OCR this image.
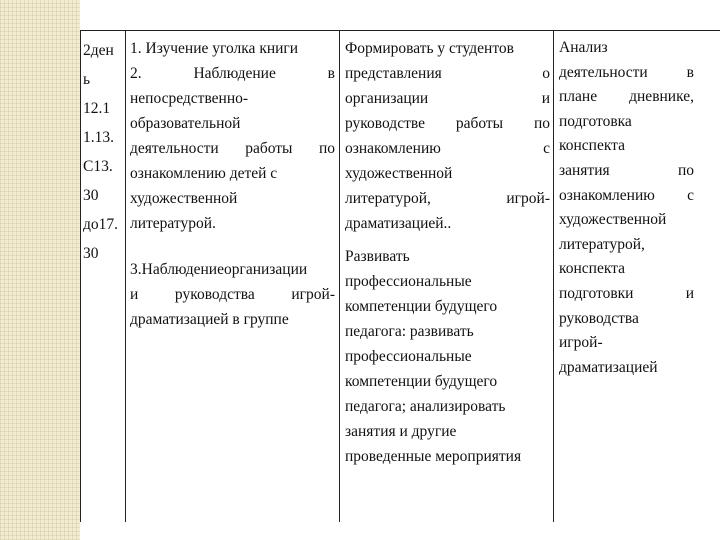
2ден

ь

12.1

1.13.

С13.

30

до17.

30

1. Изучение уголка книги

2. Наблюдение в

непосредственно-

образовательной

деятельности работы по

ознакомлению детей с

художественной

литературой.

3.Наблюдениеорганизации

и руководства игрой-

драматизацией в группе

Формировать у студентов

представления о

организации и

руководстве работы по

ознакомлению с

художественной

литературой, игрой-

драматизацией..

Развивать

профессиональные

компетенции будущего

педагога: развивать

профессиональные

компетенции будущего

педагога; анализировать

занятия и другие

проведенные мероприятия

Анализ

деятельности в

плане дневнике,

подготовка

конспекта

занятия по

ознакомлению с

художественной

литературой,

конспекта

подготовки и

руководства

игрой-

драматизацией
